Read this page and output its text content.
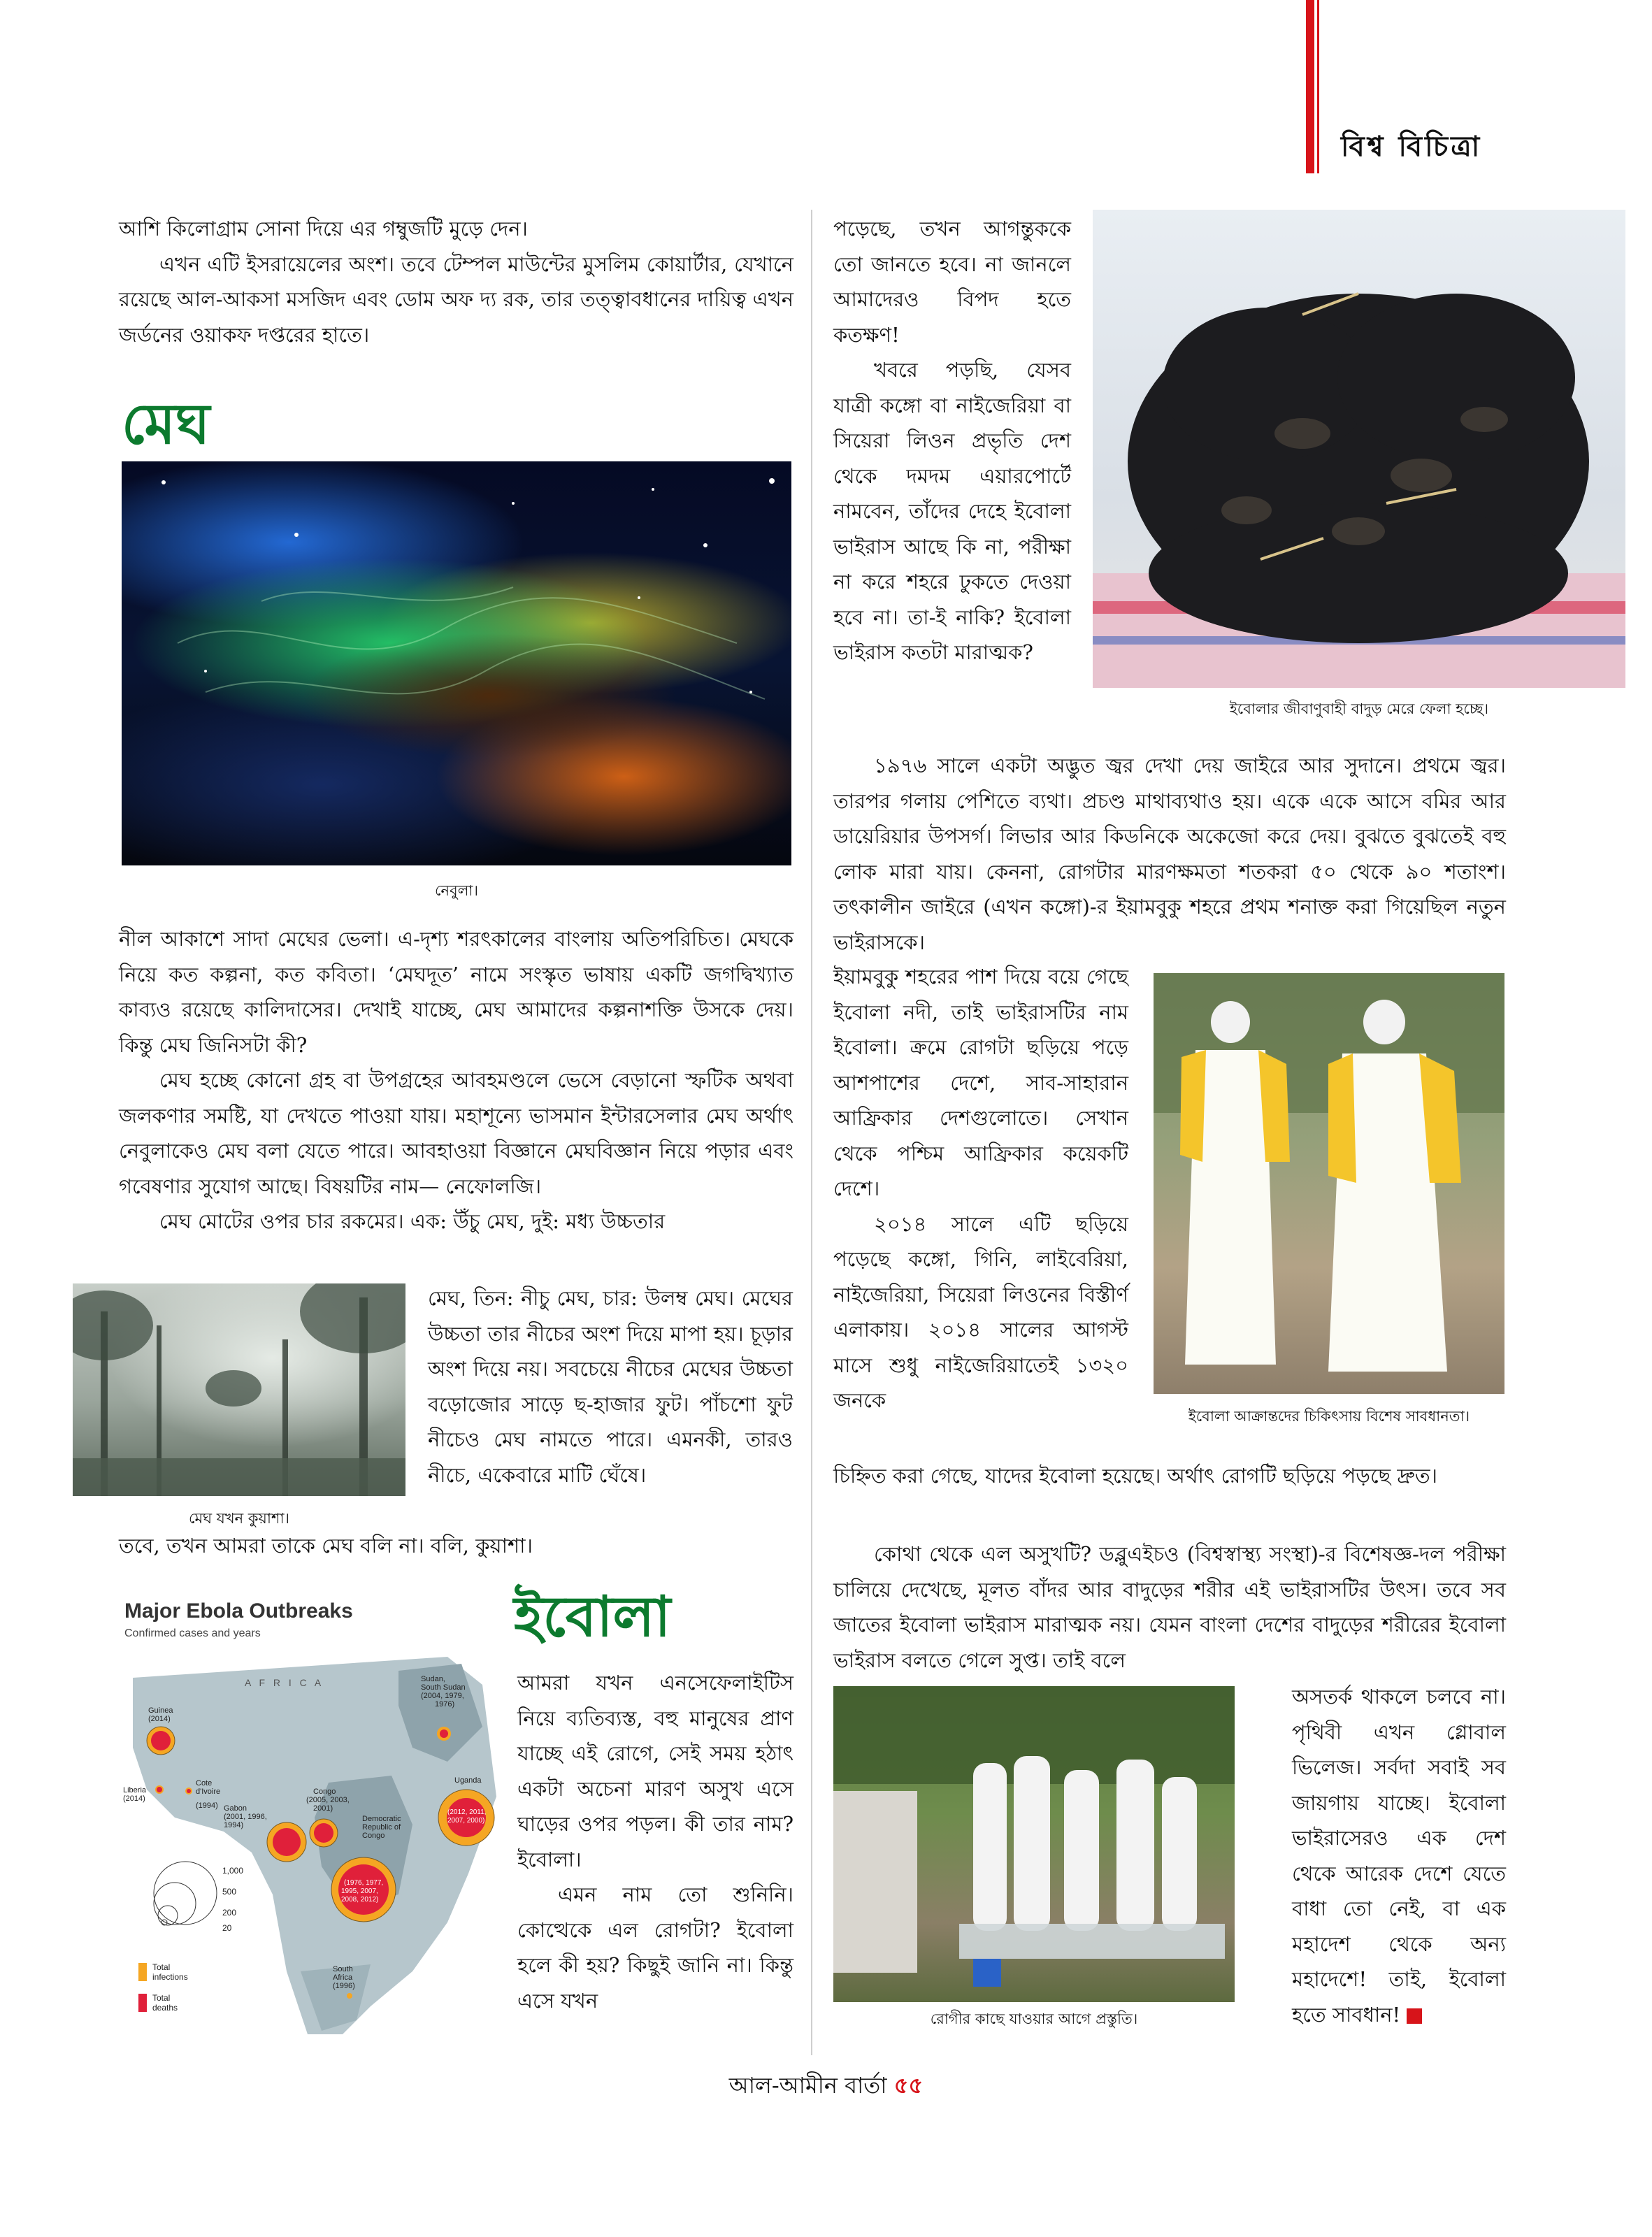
বিশ্ব বিচিত্রা

আশি কিলোগ্রাম সোনা দিয়ে এর গম্বুজটি মুড়ে দেন।

এখন এটি ইসরায়েলের অংশ। তবে টেম্পল মাউন্টের মুসলিম কোয়ার্টার, যেখানে রয়েছে আল-আকসা মসজিদ এবং ডোম অফ দ্য রক, তার তত্ত্বাবধানের দায়িত্ব এখন জর্ডনের ওয়াকফ দপ্তরের হাতে।

মেঘ
নেবুলা।

নীল আকাশে সাদা মেঘের ভেলা। এ-দৃশ্য শরৎকালের বাংলায় অতিপরিচিত। মেঘকে নিয়ে কত কল্পনা, কত কবিতা। ‘মেঘদূত’ নামে সংস্কৃত ভাষায় একটি জগদ্বিখ্যাত কাব্যও রয়েছে কালিদাসের। দেখাই যাচ্ছে, মেঘ আমাদের কল্পনাশক্তি উসকে দেয়। কিন্তু মেঘ জিনিসটা কী?

মেঘ হচ্ছে কোনো গ্রহ বা উপগ্রহের আবহমণ্ডলে ভেসে বেড়ানো স্ফটিক অথবা জলকণার সমষ্টি, যা দেখতে পাওয়া যায়। মহাশূন্যে ভাসমান ইন্টারসেলার মেঘ অর্থাৎ নেবুলাকেও মেঘ বলা যেতে পারে। আবহাওয়া বিজ্ঞানে মেঘবিজ্ঞান নিয়ে পড়ার এবং গবেষণার সুযোগ আছে। বিষয়টির নাম— নেফোলজি।

মেঘ মোটের ওপর চার রকমের। এক: উঁচু মেঘ, দুই: মধ্য উচ্চতার

মেঘ যখন কুয়াশা।

মেঘ, তিন: নীচু মেঘ, চার: উলম্ব মেঘ। মেঘের উচ্চতা তার নীচের অংশ দিয়ে মাপা হয়। চূড়ার অংশ দিয়ে নয়। সবচেয়ে নীচের মেঘের উচ্চতা বড়োজোর সাড়ে ছ-হাজার ফুট। পাঁচশো ফুট নীচেও মেঘ নামতে পারে। এমনকী, তারও নীচে, একেবারে মাটি ঘেঁষে।

তবে, তখন আমরা তাকে মেঘ বলি না। বলি, কুয়াশা।

Major Ebola Outbreaks
Confirmed cases and years
A F R I C A
Guinea
(2014)
Liberia
(2014)
Cote
d'Ivoire
(1994) Gabon
(2001, 1996,
1994)
Congo
(2005, 2003,
2001)
Democratic
Republic of
Congo
(1976, 1977,
1995, 2007,
2008, 2012)
Sudan,
South Sudan
(2004, 1979,
1976)
Uganda
(2012, 2011,
2007, 2000)
South
Africa
(1996)
1,000
500
200
20
Total
infections
Total
deaths
ইবোলা

আমরা যখন এনসেফেলাইটিস নিয়ে ব্যতিব্যস্ত, বহু মানুষের প্রাণ যাচ্ছে এই রোগে, সেই সময় হঠাৎ একটা অচেনা মারণ অসুখ এসে ঘাড়ের ওপর পড়ল। কী তার নাম? ইবোলা।

এমন নাম তো শুনিনি। কোত্থেকে এল রোগটা? ইবোলা হলে কী হয়? কিছুই জানি না। কিন্তু এসে যখন

পড়েছে, তখন আগন্তুককে তো জানতে হবে। না জানলে আমাদেরও বিপদ হতে কতক্ষণ!

খবরে পড়ছি, যেসব যাত্রী কঙ্গো বা নাইজেরিয়া বা সিয়েরা লিওন প্রভৃতি দেশ থেকে দমদম এয়ারপোর্টে নামবেন, তাঁদের দেহে ইবোলা ভাইরাস আছে কি না, পরীক্ষা না করে শহরে ঢুকতে দেওয়া হবে না। তা-ই নাকি? ইবোলা ভাইরাস কতটা মারাত্মক?

ইবোলার জীবাণুবাহী বাদুড় মেরে ফেলা হচ্ছে।

১৯৭৬ সালে একটা অদ্ভুত জ্বর দেখা দেয় জাইরে আর সুদানে। প্রথমে জ্বর। তারপর গলায় পেশিতে ব্যথা। প্রচণ্ড মাথাব্যথাও হয়। একে একে আসে বমির আর ডায়েরিয়ার উপসর্গ। লিভার আর কিডনিকে অকেজো করে দেয়। বুঝতে বুঝতেই বহু লোক মারা যায়। কেননা, রোগটার মারণক্ষমতা শতকরা ৫০ থেকে ৯০ শতাংশ। তৎকালীন জাইরে (এখন কঙ্গো)-র ইয়ামবুকু শহরে প্রথম শনাক্ত করা গিয়েছিল নতুন ভাইরাসকে।

ইয়ামবুকু শহরের পাশ দিয়ে বয়ে গেছে ইবোলা নদী, তাই ভাইরাসটির নাম ইবোলা। ক্রমে রোগটা ছড়িয়ে পড়ে আশপাশের দেশে, সাব-সাহারান আফ্রিকার দেশগুলোতে। সেখান থেকে পশ্চিম আফ্রিকার কয়েকটি দেশে।

২০১৪ সালে এটি ছড়িয়ে পড়েছে কঙ্গো, গিনি, লাইবেরিয়া, নাইজেরিয়া, সিয়েরা লিওনের বিস্তীর্ণ এলাকায়। ২০১৪ সালের আগস্ট মাসে শুধু নাইজেরিয়াতেই ১৩২০ জনকে

ইবোলা আক্রান্তদের চিকিৎসায় বিশেষ সাবধানতা।

চিহ্নিত করা গেছে, যাদের ইবোলা হয়েছে। অর্থাৎ রোগটি ছড়িয়ে পড়ছে দ্রুত।

কোথা থেকে এল অসুখটি? ডব্লুএইচও (বিশ্বস্বাস্থ্য সংস্থা)-র বিশেষজ্ঞ-দল পরীক্ষা চালিয়ে দেখেছে, মূলত বাঁদর আর বাদুড়ের শরীর এই ভাইরাসটির উৎস। তবে সব জাতের ইবোলা ভাইরাস মারাত্মক নয়। যেমন বাংলা দেশের বাদুড়ের শরীরের ইবোলা ভাইরাস বলতে গেলে সুপ্ত। তাই বলে

রোগীর কাছে যাওয়ার আগে প্রস্তুতি।

অসতর্ক থাকলে চলবে না। পৃথিবী এখন গ্লোবাল ভিলেজ। সর্বদা সবাই সব জায়গায় যাচ্ছে। ইবোলা ভাইরাসেরও এক দেশ থেকে আরেক দেশে যেতে বাধা তো নেই, বা এক মহাদেশ থেকে অন্য মহাদেশে! তাই, ইবোলা হতে সাবধান!

আল-আমীন বার্তা ৫৫
